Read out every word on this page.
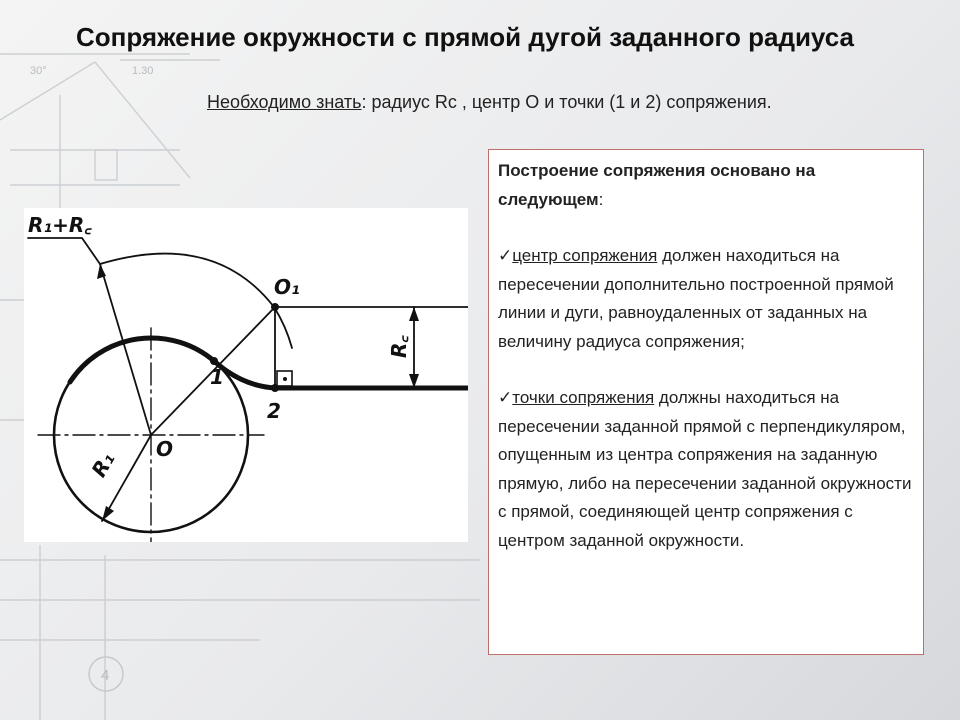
30°	1.30
4
Сопряжение окружности с прямой дугой заданного радиуса
Необходимо знать: радиус Rc , центр O и точки (1 и 2) сопряжения.
R₁+R꜀
R₁
R꜀
O
O₁
1
2

Построение сопряжения основано на следующем:

✓центр сопряжения должен находиться на пересечении дополнительно построенной прямой линии и дуги, равноудаленных от заданных на величину радиуса сопряжения;

✓точки сопряжения должны находиться на пересечении заданной прямой с перпендикуляром, опущенным из центра сопряжения на заданную прямую, либо на пересечении заданной окружности с прямой, соединяющей центр сопряжения с центром заданной окружности.
